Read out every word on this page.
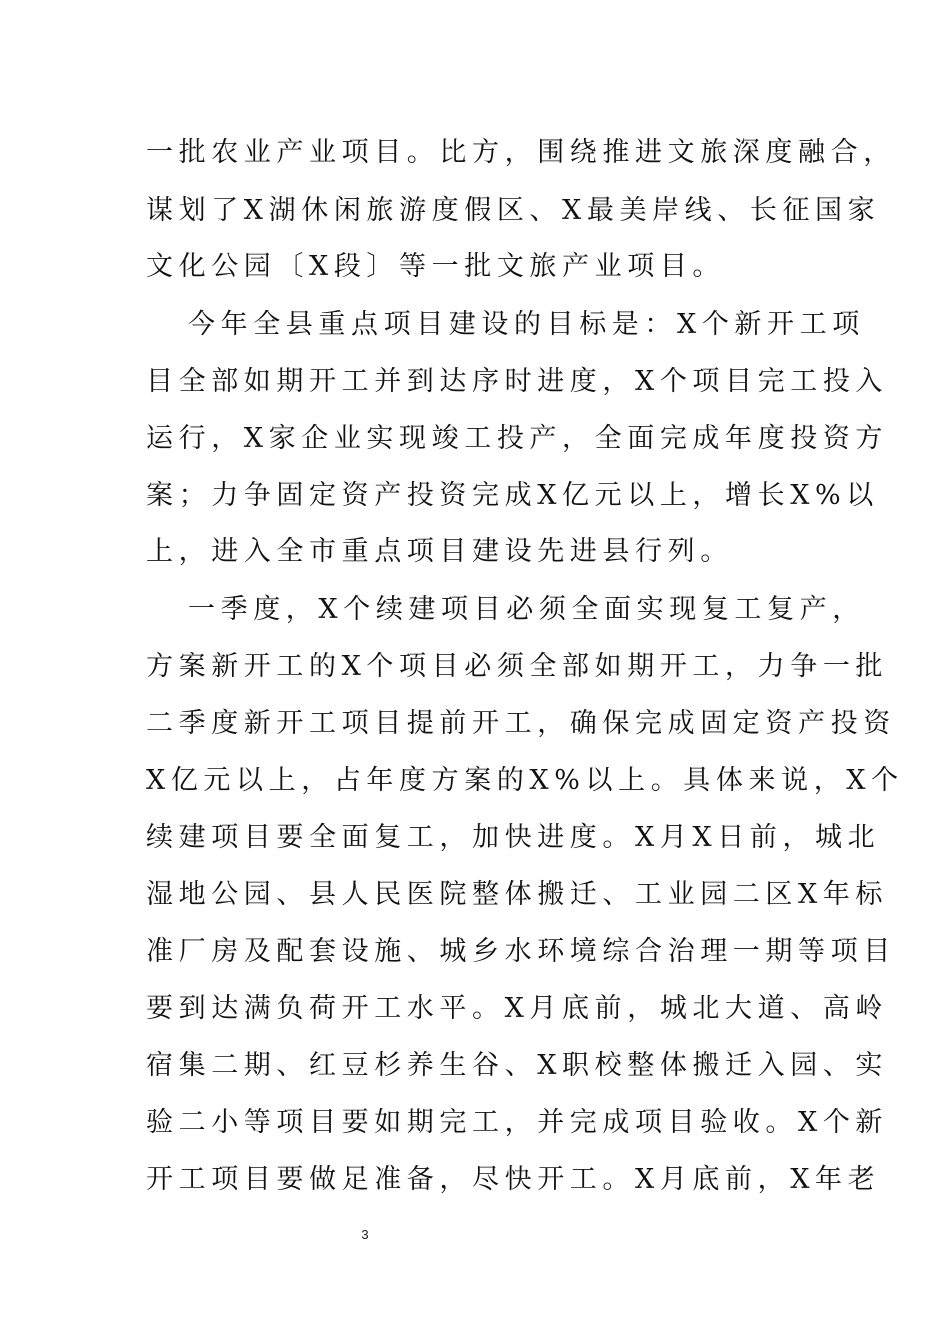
一批农业产业项目。比方，围绕推进文旅深度融合，
谋划了X湖休闲旅游度假区、X最美岸线、长征国家
文化公园〔X段〕等一批文旅产业项目。
今年全县重点项目建设的目标是：X个新开工项
目全部如期开工并到达序时进度，X个项目完工投入
运行，X家企业实现竣工投产，全面完成年度投资方
案；力争固定资产投资完成X亿元以上，增长X%以
上，进入全市重点项目建设先进县行列。
一季度，X个续建项目必须全面实现复工复产，
方案新开工的X个项目必须全部如期开工，力争一批
二季度新开工项目提前开工，确保完成固定资产投资
X亿元以上，占年度方案的X%以上。具体来说，X个
续建项目要全面复工，加快进度。X月X日前，城北
湿地公园、县人民医院整体搬迁、工业园二区X年标
准厂房及配套设施、城乡水环境综合治理一期等项目
要到达满负荷开工水平。X月底前，城北大道、高岭
宿集二期、红豆杉养生谷、X职校整体搬迁入园、实
验二小等项目要如期完工，并完成项目验收。X个新
开工项目要做足准备，尽快开工。X月底前，X年老
3
